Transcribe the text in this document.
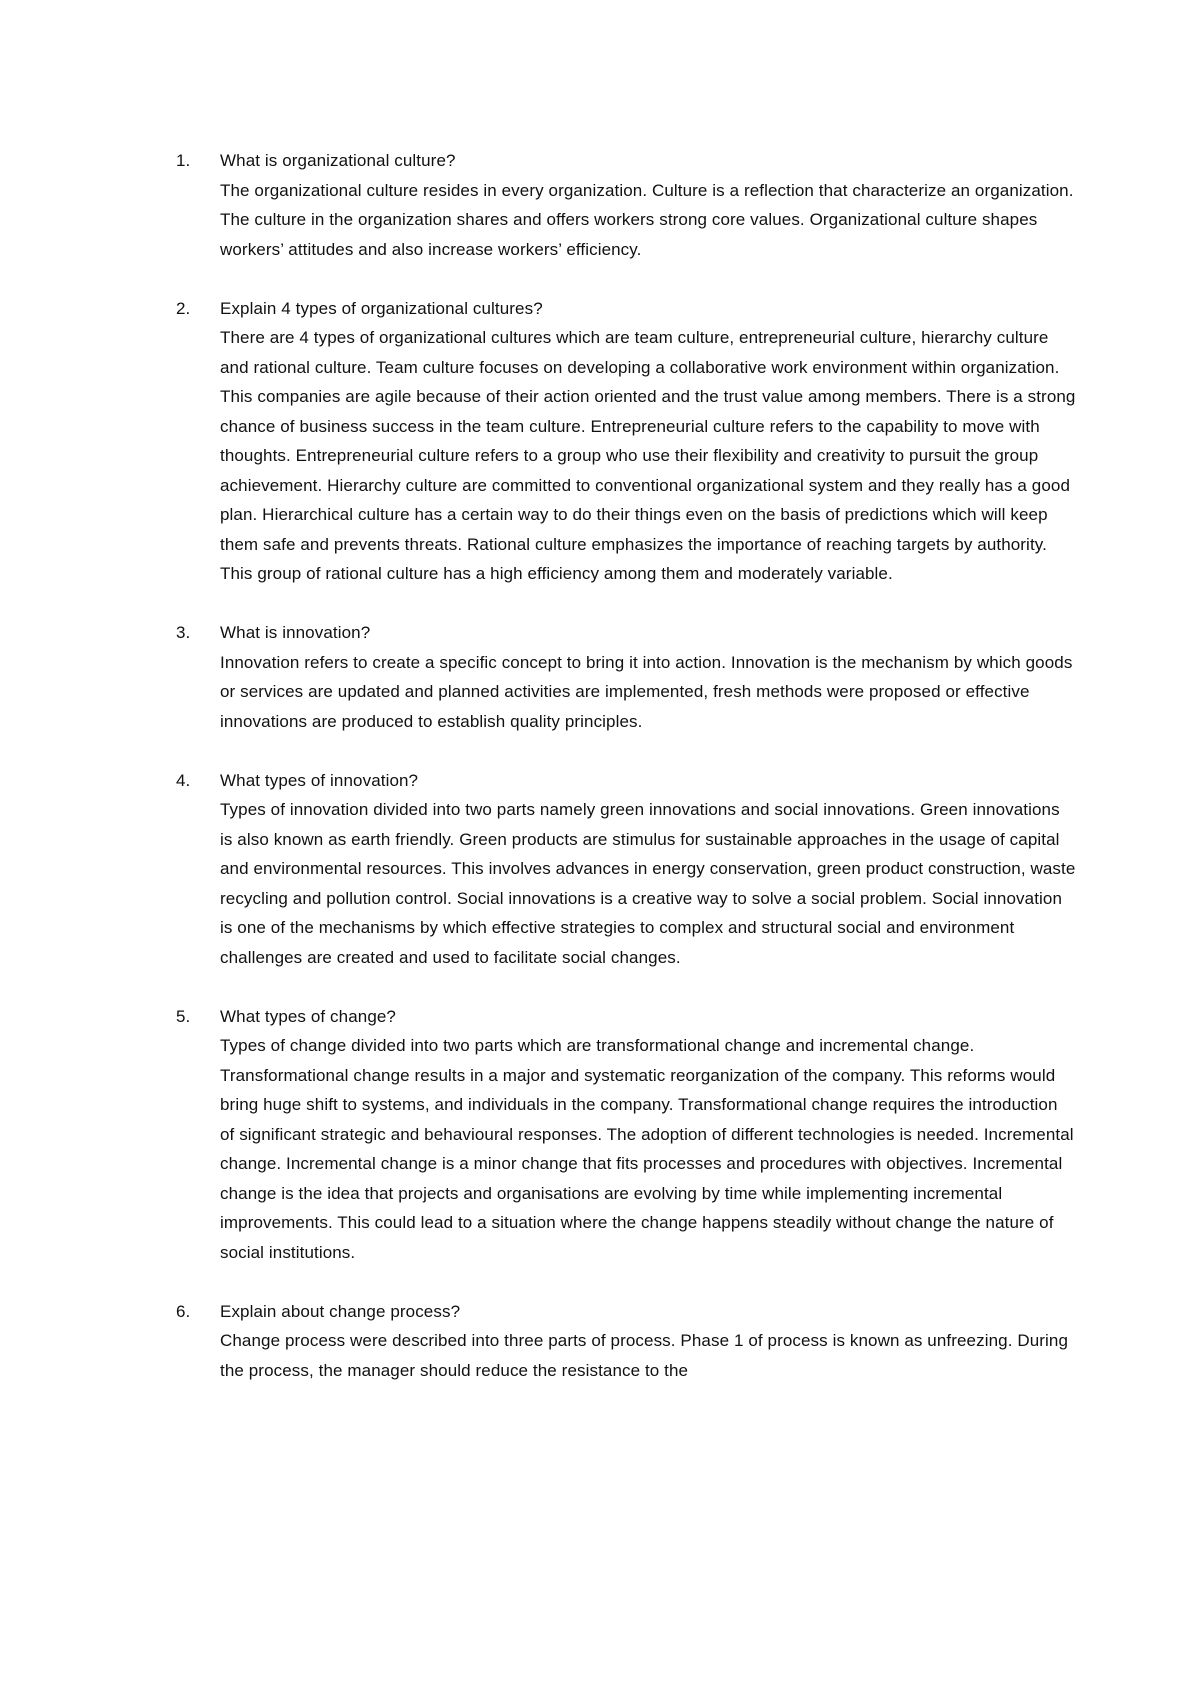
1. What is organizational culture?

The organizational culture resides in every organization. Culture is a reflection that characterize an organization. The culture in the organization shares and offers workers strong core values. Organizational culture shapes workers’ attitudes and also increase workers’ efficiency.

2. Explain 4 types of organizational cultures?

There are 4 types of organizational cultures which are team culture, entrepreneurial culture, hierarchy culture and rational culture. Team culture focuses on developing a collaborative work environment within organization. This companies are agile because of their action oriented and the trust value among members. There is a strong chance of business success in the team culture. Entrepreneurial culture refers to the capability to move with thoughts. Entrepreneurial culture refers to a group who use their flexibility and creativity to pursuit the group achievement. Hierarchy culture are committed to conventional organizational system and they really has a good plan. Hierarchical culture has a certain way to do their things even on the basis of predictions which will keep them safe and prevents threats. Rational culture emphasizes the importance of reaching targets by authority. This group of rational culture has a high efficiency among them and moderately variable.

3. What is innovation?

Innovation refers to create a specific concept to bring it into action. Innovation is the mechanism by which goods or services are updated and planned activities are implemented, fresh methods were proposed or effective innovations are produced to establish quality principles.

4. What types of innovation?

Types of innovation divided into two parts namely green innovations and social innovations. Green innovations is also known as earth friendly. Green products are stimulus for sustainable approaches in the usage of capital and environmental resources. This involves advances in energy conservation, green product construction, waste recycling and pollution control. Social innovations is a creative way to solve a social problem. Social innovation is one of the mechanisms by which effective strategies to complex and structural social and environment challenges are created and used to facilitate social changes.

5. What types of change?

Types of change divided into two parts which are transformational change and incremental change. Transformational change results in a major and systematic reorganization of the company. This reforms would bring huge shift to systems, and individuals in the company. Transformational change requires the introduction of significant strategic and behavioural responses. The adoption of different technologies is needed. Incremental change. Incremental change is a minor change that fits processes and procedures with objectives. Incremental change is the idea that projects and organisations are evolving by time while implementing incremental improvements. This could lead to a situation where the change happens steadily without change the nature of social institutions.

6. Explain about change process?

Change process were described into three parts of process. Phase 1 of process is known as unfreezing. During the process, the manager should reduce the resistance to the
